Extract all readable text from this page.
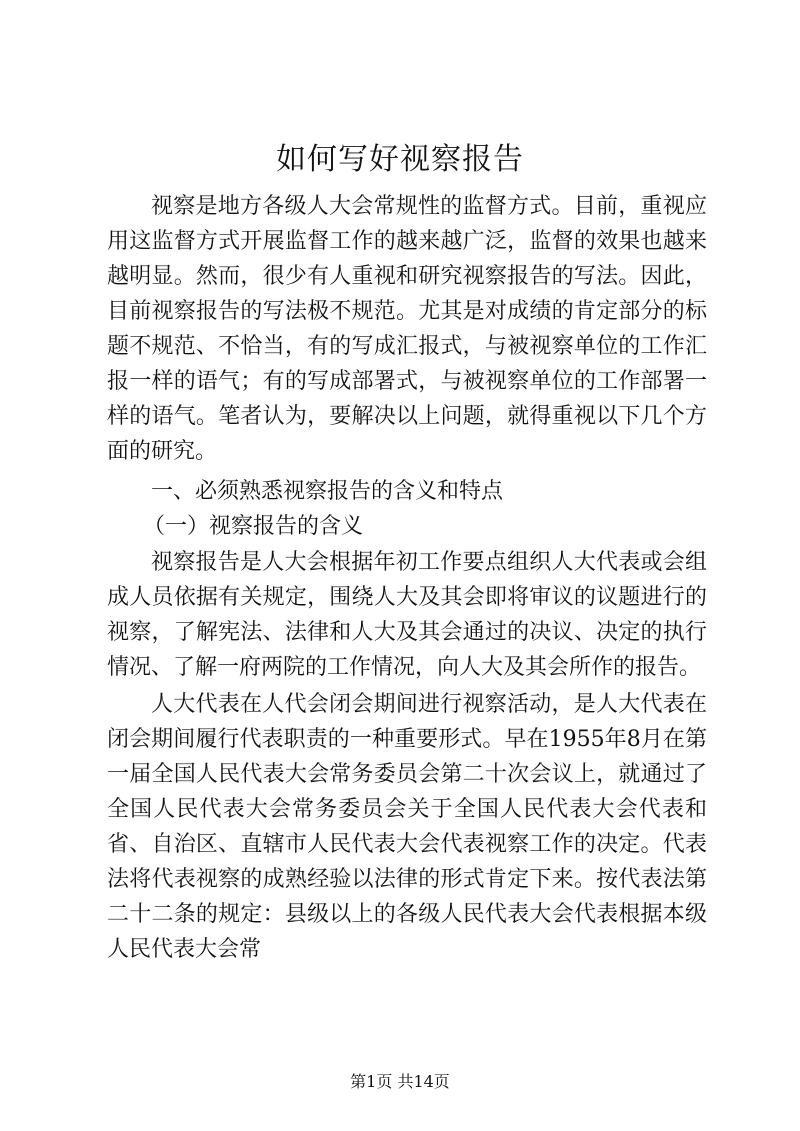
如何写好视察报告

视察是地方各级人大会常规性的监督方式。目前，重视应用这监督方式开展监督工作的越来越广泛，监督的效果也越来越明显。然而，很少有人重视和研究视察报告的写法。因此，目前视察报告的写法极不规范。尤其是对成绩的肯定部分的标题不规范、不恰当，有的写成汇报式，与被视察单位的工作汇报一样的语气；有的写成部署式，与被视察单位的工作部署一样的语气。笔者认为，要解决以上问题，就得重视以下几个方面的研究。

一、必须熟悉视察报告的含义和特点

（一）视察报告的含义

视察报告是人大会根据年初工作要点组织人大代表或会组成人员依据有关规定，围绕人大及其会即将审议的议题进行的视察，了解宪法、法律和人大及其会通过的决议、决定的执行情况、了解一府两院的工作情况，向人大及其会所作的报告。

人大代表在人代会闭会期间进行视察活动，是人大代表在闭会期间履行代表职责的一种重要形式。早在1955年8月在第一届全国人民代表大会常务委员会第二十次会议上，就通过了全国人民代表大会常务委员会关于全国人民代表大会代表和省、自治区、直辖市人民代表大会代表视察工作的决定。代表法将代表视察的成熟经验以法律的形式肯定下来。按代表法第二十二条的规定：县级以上的各级人民代表大会代表根据本级人民代表大会常

第1页 共14页
